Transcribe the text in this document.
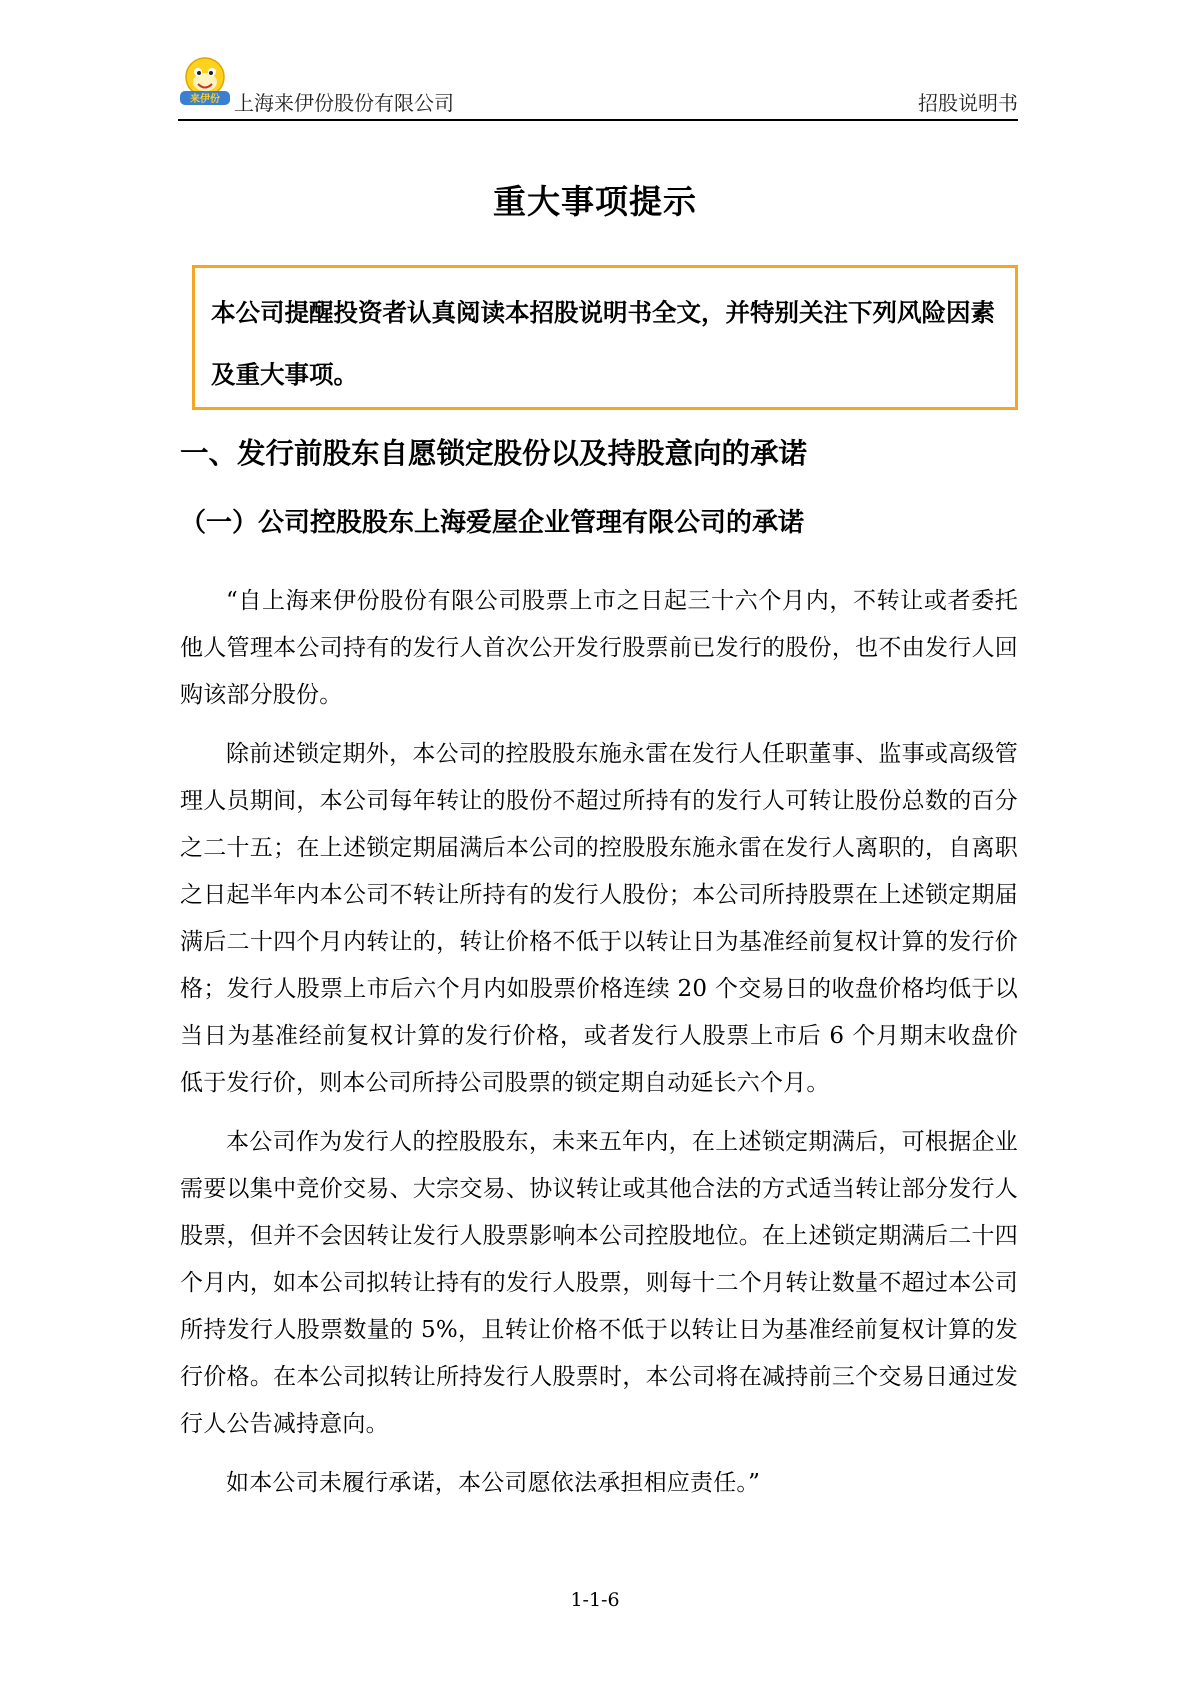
来伊份 上海来伊份股份有限公司	招股说明书
重大事项提示
本公司提醒投资者认真阅读本招股说明书全文，并特别关注下列风险因素及重大事项。
一、发行前股东自愿锁定股份以及持股意向的承诺
（一）公司控股股东上海爱屋企业管理有限公司的承诺

“自上海来伊份股份有限公司股票上市之日起三十六个月内，不转让或者委托他人管理本公司持有的发行人首次公开发行股票前已发行的股份，也不由发行人回购该部分股份。

除前述锁定期外，本公司的控股股东施永雷在发行人任职董事、监事或高级管理人员期间，本公司每年转让的股份不超过所持有的发行人可转让股份总数的百分之二十五；在上述锁定期届满后本公司的控股股东施永雷在发行人离职的，自离职之日起半年内本公司不转让所持有的发行人股份；本公司所持股票在上述锁定期届满后二十四个月内转让的，转让价格不低于以转让日为基准经前复权计算的发行价格；发行人股票上市后六个月内如股票价格连续 20 个交易日的收盘价格均低于以当日为基准经前复权计算的发行价格，或者发行人股票上市后 6 个月期末收盘价低于发行价，则本公司所持公司股票的锁定期自动延长六个月。

本公司作为发行人的控股股东，未来五年内，在上述锁定期满后，可根据企业需要以集中竞价交易、大宗交易、协议转让或其他合法的方式适当转让部分发行人股票，但并不会因转让发行人股票影响本公司控股地位。在上述锁定期满后二十四个月内，如本公司拟转让持有的发行人股票，则每十二个月转让数量不超过本公司所持发行人股票数量的 5%，且转让价格不低于以转让日为基准经前复权计算的发行价格。在本公司拟转让所持发行人股票时，本公司将在减持前三个交易日通过发行人公告减持意向。

如本公司未履行承诺，本公司愿依法承担相应责任。”

1-1-6
